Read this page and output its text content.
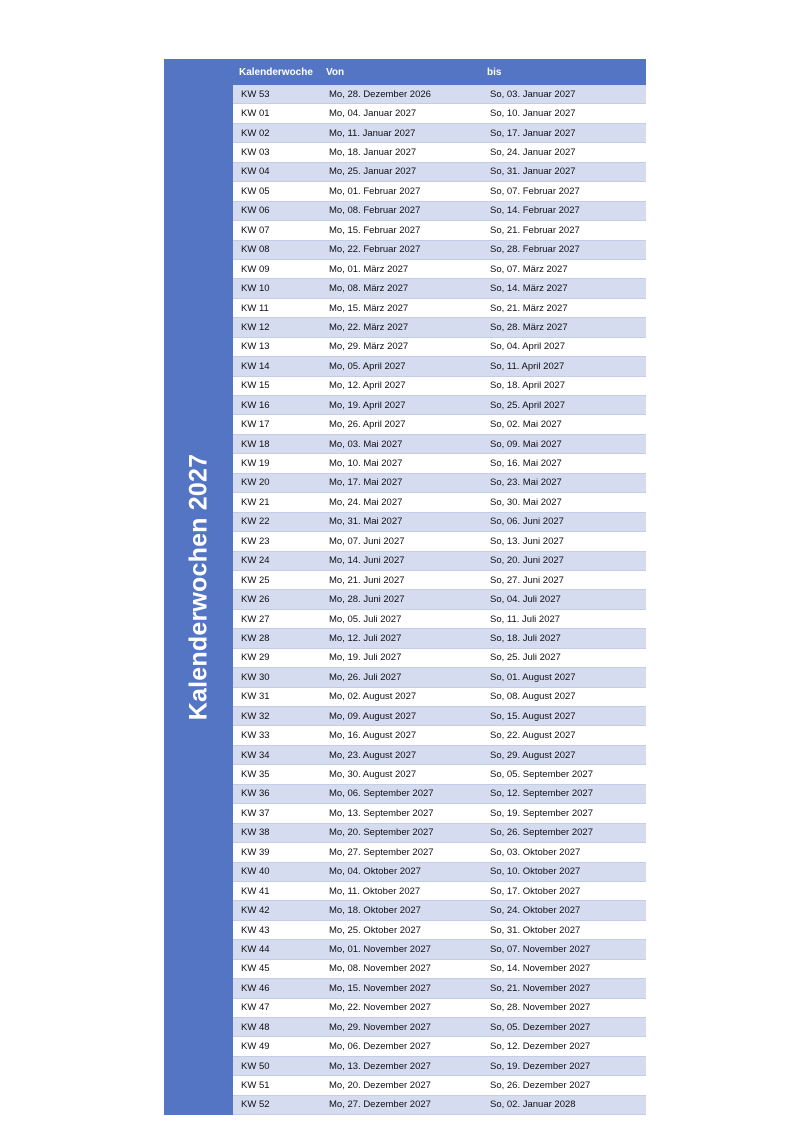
Kalenderwochen 2027
Kalenderwoche	Von	bis
KW 53	Mo, 28. Dezember 2026	So, 03. Januar 2027
KW 01	Mo, 04. Januar 2027	So, 10. Januar 2027
KW 02	Mo, 11. Januar 2027	So, 17. Januar 2027
KW 03	Mo, 18. Januar 2027	So, 24. Januar 2027
KW 04	Mo, 25. Januar 2027	So, 31. Januar 2027
KW 05	Mo, 01. Februar 2027	So, 07. Februar 2027
KW 06	Mo, 08. Februar 2027	So, 14. Februar 2027
KW 07	Mo, 15. Februar 2027	So, 21. Februar 2027
KW 08	Mo, 22. Februar 2027	So, 28. Februar 2027
KW 09	Mo, 01. März 2027	So, 07. März 2027
KW 10	Mo, 08. März 2027	So, 14. März 2027
KW 11	Mo, 15. März 2027	So, 21. März 2027
KW 12	Mo, 22. März 2027	So, 28. März 2027
KW 13	Mo, 29. März 2027	So, 04. April 2027
KW 14	Mo, 05. April 2027	So, 11. April 2027
KW 15	Mo, 12. April 2027	So, 18. April 2027
KW 16	Mo, 19. April 2027	So, 25. April 2027
KW 17	Mo, 26. April 2027	So, 02. Mai 2027
KW 18	Mo, 03. Mai 2027	So, 09. Mai 2027
KW 19	Mo, 10. Mai 2027	So, 16. Mai 2027
KW 20	Mo, 17. Mai 2027	So, 23. Mai 2027
KW 21	Mo, 24. Mai 2027	So, 30. Mai 2027
KW 22	Mo, 31. Mai 2027	So, 06. Juni 2027
KW 23	Mo, 07. Juni 2027	So, 13. Juni 2027
KW 24	Mo, 14. Juni 2027	So, 20. Juni 2027
KW 25	Mo, 21. Juni 2027	So, 27. Juni 2027
KW 26	Mo, 28. Juni 2027	So, 04. Juli 2027
KW 27	Mo, 05. Juli 2027	So, 11. Juli 2027
KW 28	Mo, 12. Juli 2027	So, 18. Juli 2027
KW 29	Mo, 19. Juli 2027	So, 25. Juli 2027
KW 30	Mo, 26. Juli 2027	So, 01. August 2027
KW 31	Mo, 02. August 2027	So, 08. August 2027
KW 32	Mo, 09. August 2027	So, 15. August 2027
KW 33	Mo, 16. August 2027	So, 22. August 2027
KW 34	Mo, 23. August 2027	So, 29. August 2027
KW 35	Mo, 30. August 2027	So, 05. September 2027
KW 36	Mo, 06. September 2027	So, 12. September 2027
KW 37	Mo, 13. September 2027	So, 19. September 2027
KW 38	Mo, 20. September 2027	So, 26. September 2027
KW 39	Mo, 27. September 2027	So, 03. Oktober 2027
KW 40	Mo, 04. Oktober 2027	So, 10. Oktober 2027
KW 41	Mo, 11. Oktober 2027	So, 17. Oktober 2027
KW 42	Mo, 18. Oktober 2027	So, 24. Oktober 2027
KW 43	Mo, 25. Oktober 2027	So, 31. Oktober 2027
KW 44	Mo, 01. November 2027	So, 07. November 2027
KW 45	Mo, 08. November 2027	So, 14. November 2027
KW 46	Mo, 15. November 2027	So, 21. November 2027
KW 47	Mo, 22. November 2027	So, 28. November 2027
KW 48	Mo, 29. November 2027	So, 05. Dezember 2027
KW 49	Mo, 06. Dezember 2027	So, 12. Dezember 2027
KW 50	Mo, 13. Dezember 2027	So, 19. Dezember 2027
KW 51	Mo, 20. Dezember 2027	So, 26. Dezember 2027
KW 52	Mo, 27. Dezember 2027	So, 02. Januar 2028
